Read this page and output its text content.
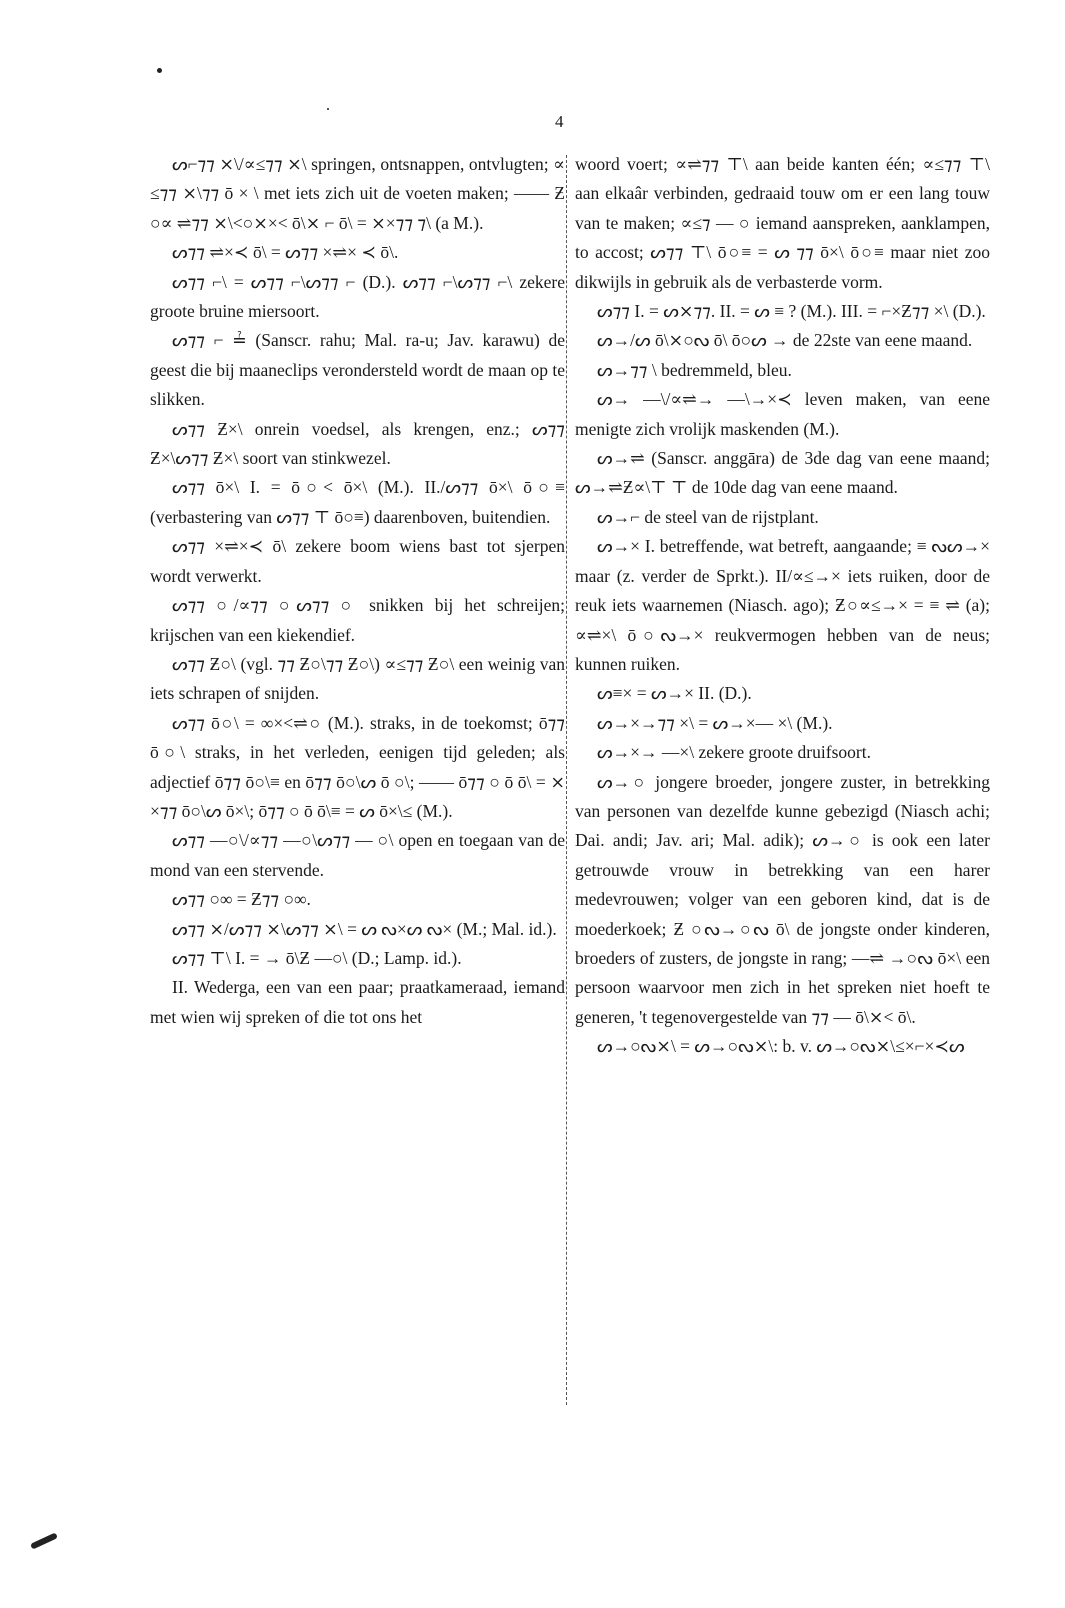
4

ᔕ⌐⁊⁊ ⨯\/∝≤⁊⁊ ⨯\ springen, ontsnappen, ontvlugten; ∝ ≤⁊⁊ ⨯\⁊⁊ ō × \ met iets zich uit de voeten maken; —— Ƶ ○∝ ⇌⁊⁊ ⨯\<○⨯×< ō\⨯ ⌐ ō\ = ⨯×⁊⁊ ⁊\ (a M.).

ᔕ⁊⁊ ⇌×≺ ō\ = ᔕ⁊⁊ ×⇌× ≺ ō\.

ᔕ⁊⁊ ⌐\ = ᔕ⁊⁊ ⌐\ᔕ⁊⁊ ⌐ (D.). ᔕ⁊⁊ ⌐\ᔕ⁊⁊ ⌐\ zekere groote bruine miersoort.

ᔕ⁊⁊ ⌐ ≟ (Sanscr. rahu; Mal. ra-u; Jav. karawu) de geest die bij maaneclips verondersteld wordt de maan op te slikken.

ᔕ⁊⁊ Ƶ×\ onrein voedsel, als krengen, enz.; ᔕ⁊⁊ Ƶ×\ᔕ⁊⁊ Ƶ×\ soort van stinkwezel.

ᔕ⁊⁊ ō×\ I. = ō○< ō×\ (M.). II./ᔕ⁊⁊ ō×\ ō○≡ (verbastering van ᔕ⁊⁊ ⊤ ō○≡) daarenboven, buitendien.

ᔕ⁊⁊ ×⇌×≺ ō\ zekere boom wiens bast tot sjerpen wordt verwerkt.

ᔕ⁊⁊ ○/∝⁊⁊ ○ᔕ⁊⁊ ○ snikken bij het schreijen; krijschen van een kiekendief.

ᔕ⁊⁊ Ƶ○\ (vgl. ⁊⁊ Ƶ○\⁊⁊ Ƶ○\) ∝≤⁊⁊ Ƶ○\ een weinig van iets schrapen of snijden.

ᔕ⁊⁊ ō○\ = ∞×<⇌○ (M.). straks, in de toekomst; ō⁊⁊ ō○\ straks, in het verleden, eenigen tijd geleden; als adjectief ō⁊⁊ ō○\≡ en ō⁊⁊ ō○\ᔕ ō ○\; —— ō⁊⁊ ○ ō ō\ = ⨯ ×⁊⁊ ō○\ᔕ ō×\; ō⁊⁊ ○ ō ō\≡ = ᔕ ō×\≤ (M.).

ᔕ⁊⁊ —○\/∝⁊⁊ —○\ᔕ⁊⁊ — ○\ open en toegaan van de mond van een stervende.

ᔕ⁊⁊ ○∞ = Ƶ⁊⁊ ○∞.

ᔕ⁊⁊ ⨯/ᔕ⁊⁊ ⨯\ᔕ⁊⁊ ⨯\ = ᔕ ᔓ×ᔕ ᔓ× (M.; Mal. id.).

ᔕ⁊⁊ ⊤\ I. = → ō\Ƶ —○\ (D.; Lamp. id.).

II. Wederga, een van een paar; praatkameraad, iemand met wien wij spreken of die tot ons het

woord voert; ∝⇌⁊⁊ ⊤\ aan beide kanten één; ∝≤⁊⁊ ⊤\ aan elkaâr verbinden, gedraaid touw om er een lang touw van te maken; ∝≤⁊ — ○ iemand aanspreken, aanklampen, to accost; ᔕ⁊⁊ ⊤\ ō○≡ = ᔕ ⁊⁊ ō×\ ō○≡ maar niet zoo dikwijls in gebruik als de verbasterde vorm.

ᔕ⁊⁊ I. = ᔕ⨯⁊⁊. II. = ᔕ ≡ ? (M.). III. = ⌐×Ƶ⁊⁊ ×\ (D.).

ᔕ→/ᔕ ō\⨯○ᔓ ō\ ō○ᔕ → de 22ste van eene maand.

ᔕ→⁊⁊ \ bedremmeld, bleu.

ᔕ→ —\/∝⇌→ —\→×≺ leven maken, van eene menigte zich vrolijk maskenden (M.).

ᔕ→⇌ (Sanscr. anggāra) de 3de dag van eene maand; ᔕ→⇌Ƶ∝\⊤ ⊤ de 10de dag van eene maand.

ᔕ→⌐ de steel van de rijstplant.

ᔕ→× I. betreffende, wat betreft, aangaande; ≡ ᔓᔕ→× maar (z. verder de Sprkt.). II/∝≤→× iets ruiken, door de reuk iets waarnemen (Niasch. ago); Ƶ○∝≤→× = ≡ ⇌ (a); ∝⇌×\ ō○ᔓ→× reukvermogen hebben van de neus; kunnen ruiken.

ᔕ≡× = ᔕ→× II. (D.).

ᔕ→×→⁊⁊ ×\ = ᔕ→×— ×\ (M.).

ᔕ→×→ —×\ zekere groote druifsoort.

ᔕ→○ jongere broeder, jongere zuster, in betrekking van personen van dezelfde kunne gebezigd (Niasch achi; Dai. andi; Jav. ari; Mal. adik); ᔕ→○ is ook een later getrouwde vrouw in betrekking van een harer medevrouwen; volger van een geboren kind, dat is de moederkoek; Ƶ ○ᔓ→○ᔓ ō\ de jongste onder kinderen, broeders of zusters, de jongste in rang; —⇌ →○ᔓ ō×\ een persoon waarvoor men zich in het spreken niet hoeft te generen, 't tegenovergestelde van ⁊⁊ — ō\⨯< ō\.

ᔕ→○ᔓ⨯\ = ᔕ→○ᔓ⨯\: b. v. ᔕ→○ᔓ⨯\≤×⌐×≺ᔕ
